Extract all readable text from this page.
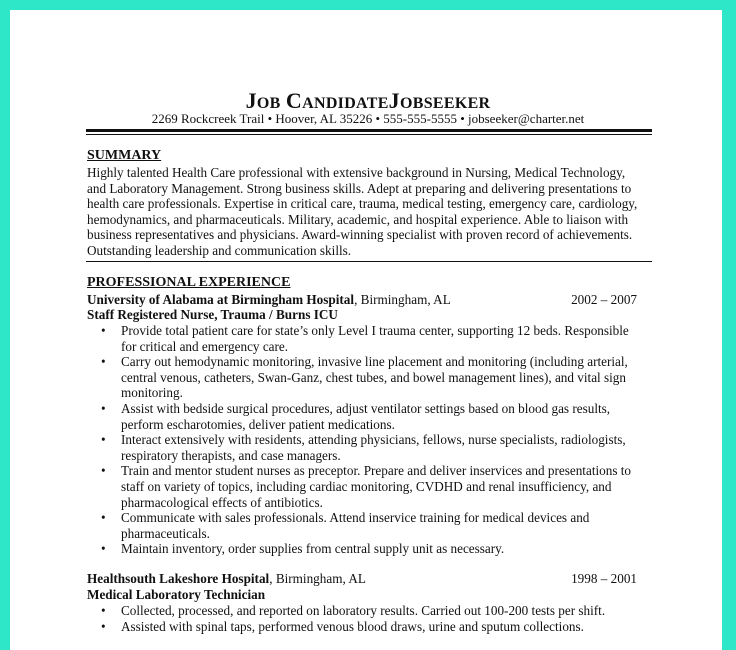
JOB CANDIDATEJOBSEEKER
2269 Rockcreek Trail • Hoover, AL 35226 • 555-555-5555 • jobseeker@charter.net
SUMMARY
Highly talented Health Care professional with extensive background in Nursing, Medical Technology,
and Laboratory Management. Strong business skills. Adept at preparing and delivering presentations to
health care professionals. Expertise in critical care, trauma, medical testing, emergency care, cardiology,
hemodynamics, and pharmaceuticals. Military, academic, and hospital experience. Able to liaison with
business representatives and physicians. Award-winning specialist with proven record of achievements.
Outstanding leadership and communication skills.
PROFESSIONAL EXPERIENCE
University of Alabama at Birmingham Hospital, Birmingham, AL	2002 – 2007
Staff Registered Nurse, Trauma / Burns ICU
• Provide total patient care for state’s only Level I trauma center, supporting 12 beds. Responsible
for critical and emergency care.
• Carry out hemodynamic monitoring, invasive line placement and monitoring (including arterial,
central venous, catheters, Swan-Ganz, chest tubes, and bowel management lines), and vital sign
monitoring.
• Assist with bedside surgical procedures, adjust ventilator settings based on blood gas results,
perform escharotomies, deliver patient medications.
• Interact extensively with residents, attending physicians, fellows, nurse specialists, radiologists,
respiratory therapists, and case managers.
• Train and mentor student nurses as preceptor. Prepare and deliver inservices and presentations to
staff on variety of topics, including cardiac monitoring, CVDHD and renal insufficiency, and
pharmacological effects of antibiotics.
• Communicate with sales professionals. Attend inservice training for medical devices and
pharmaceuticals.
• Maintain inventory, order supplies from central supply unit as necessary.
Healthsouth Lakeshore Hospital, Birmingham, AL	1998 – 2001
Medical Laboratory Technician
• Collected, processed, and reported on laboratory results. Carried out 100-200 tests per shift.
• Assisted with spinal taps, performed venous blood draws, urine and sputum collections.
